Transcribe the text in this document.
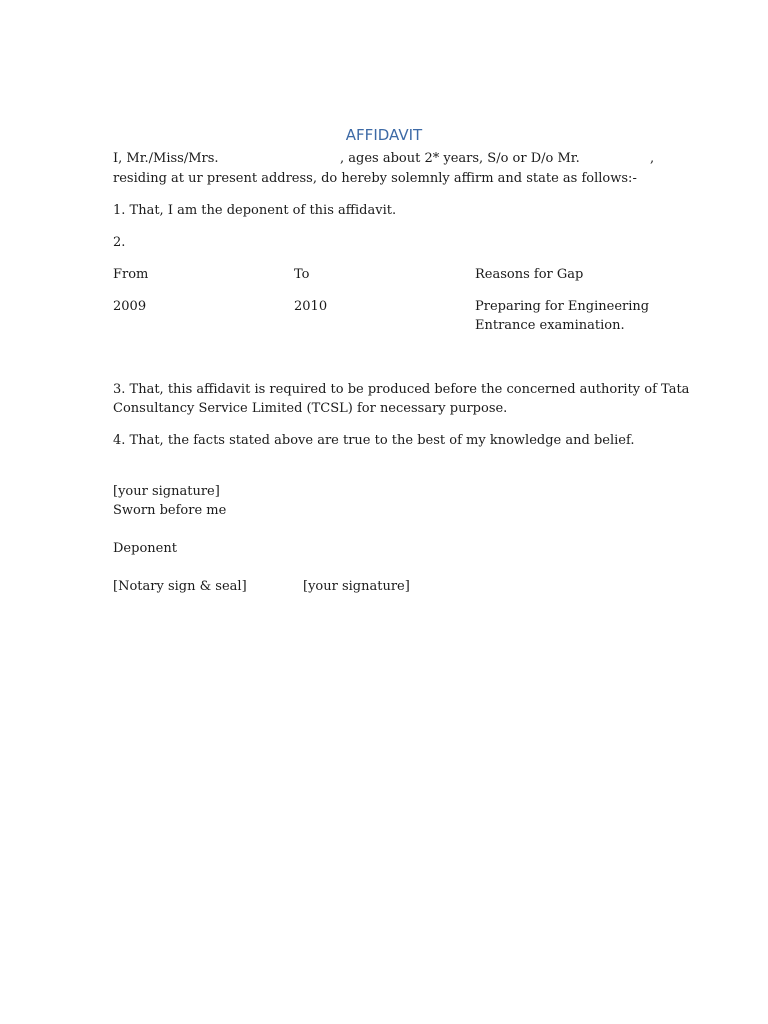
AFFIDAVIT
I, Mr./Miss/Mrs.	, ages about 2* years, S/o or D/o Mr.	,
residing at ur present address, do hereby solemnly affirm and state as follows:-
1. That, I am the deponent of this affidavit.
2.
From	To	Reasons for Gap
2009	2010	Preparing for Engineering
Entrance examination.
3. That, this affidavit is required to be produced before the concerned authority of Tata
Consultancy Service Limited (TCSL) for necessary purpose.
4. That, the facts stated above are true to the best of my knowledge and belief.
[your signature]
Sworn before me
Deponent
[Notary sign & seal]	[your signature]
